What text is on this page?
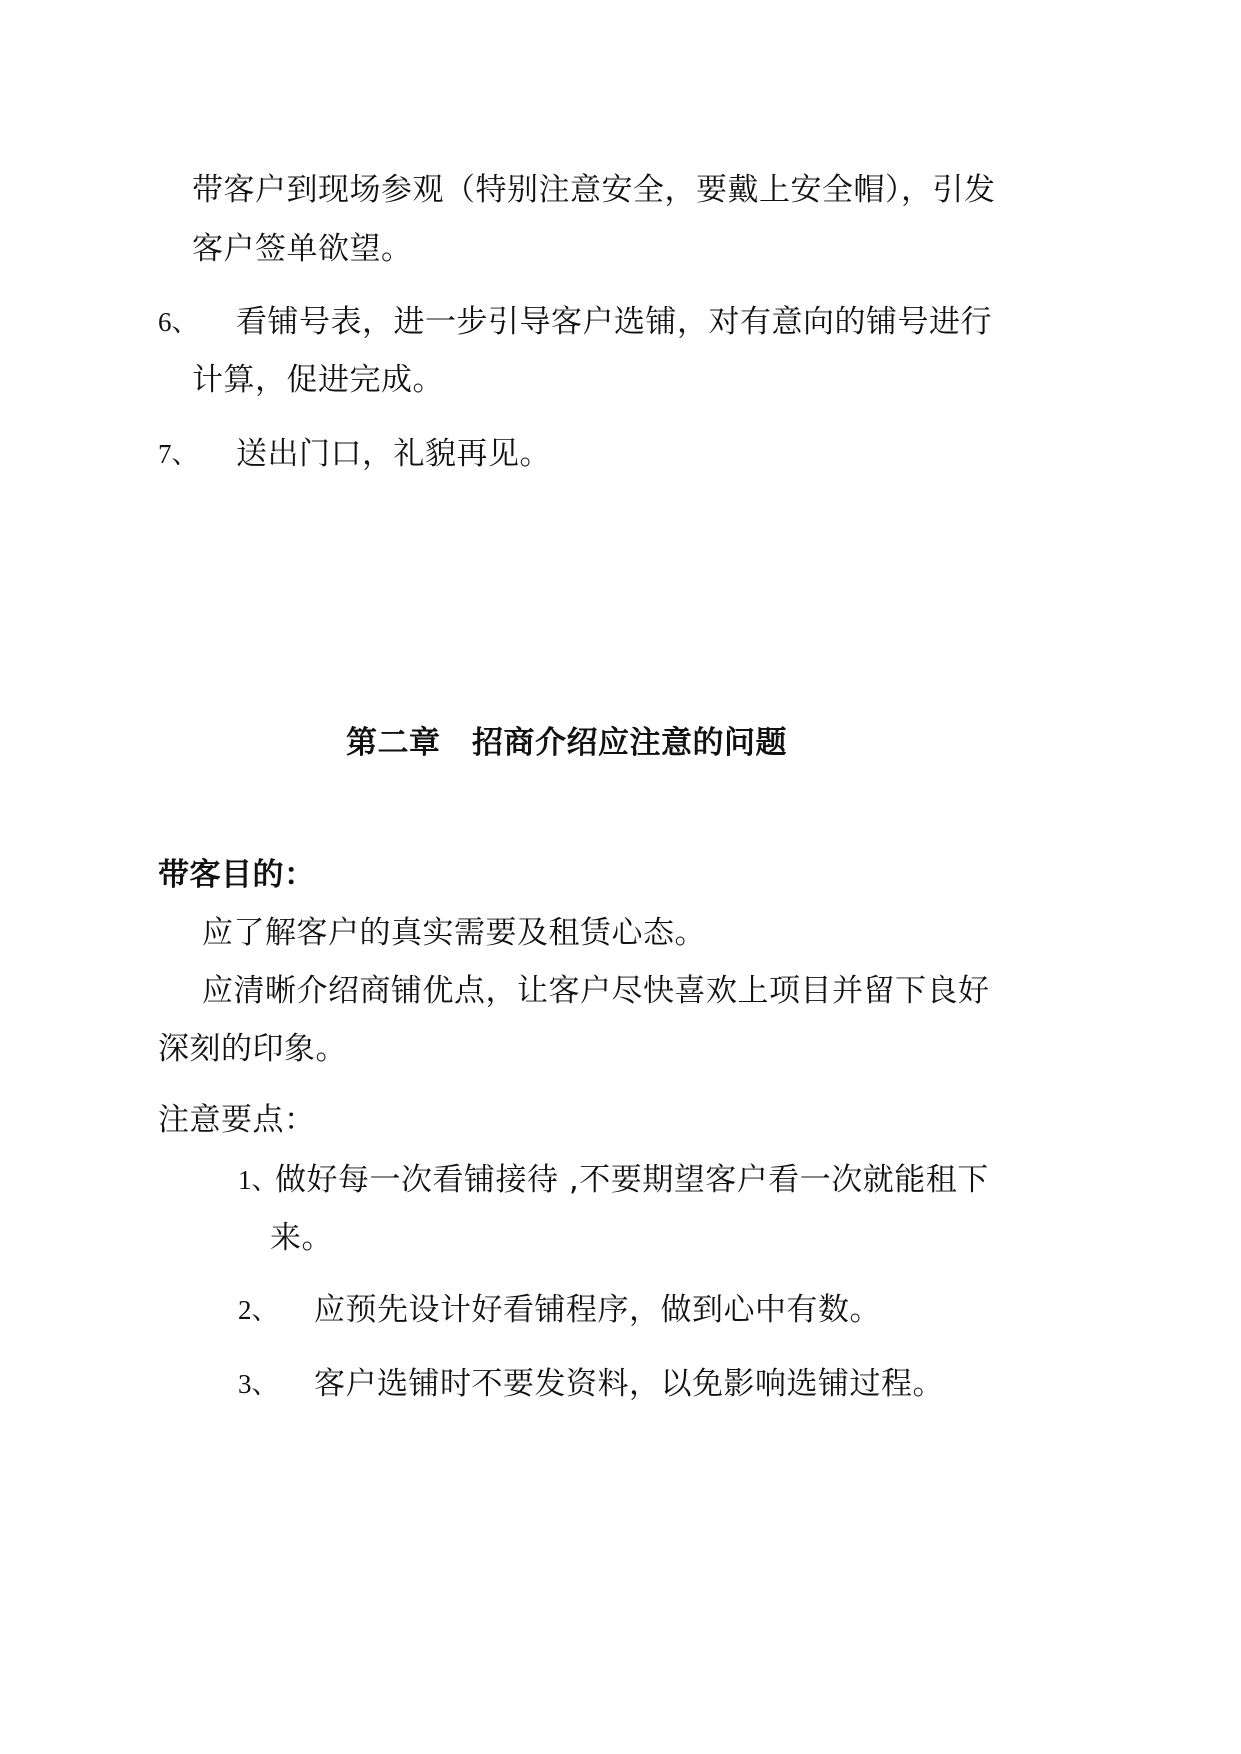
带客户到现场参观（特别注意安全，要戴上安全帽），引发
客户签单欲望。
6、 看铺号表，进一步引导客户选铺，对有意向的铺号进行
计算，促进完成。
7、 送出门口，礼貌再见。
第二章　招商介绍应注意的问题
带客目的：
应了解客户的真实需要及租赁心态。
应清晰介绍商铺优点，让客户尽快喜欢上项目并留下良好
深刻的印象。
注意要点：
1、
做好每一次看铺接待 ,不要期望客户看一次就能租下
来。
2、 应预先设计好看铺程序，做到心中有数。
3、 客户选铺时不要发资料，以免影响选铺过程。
